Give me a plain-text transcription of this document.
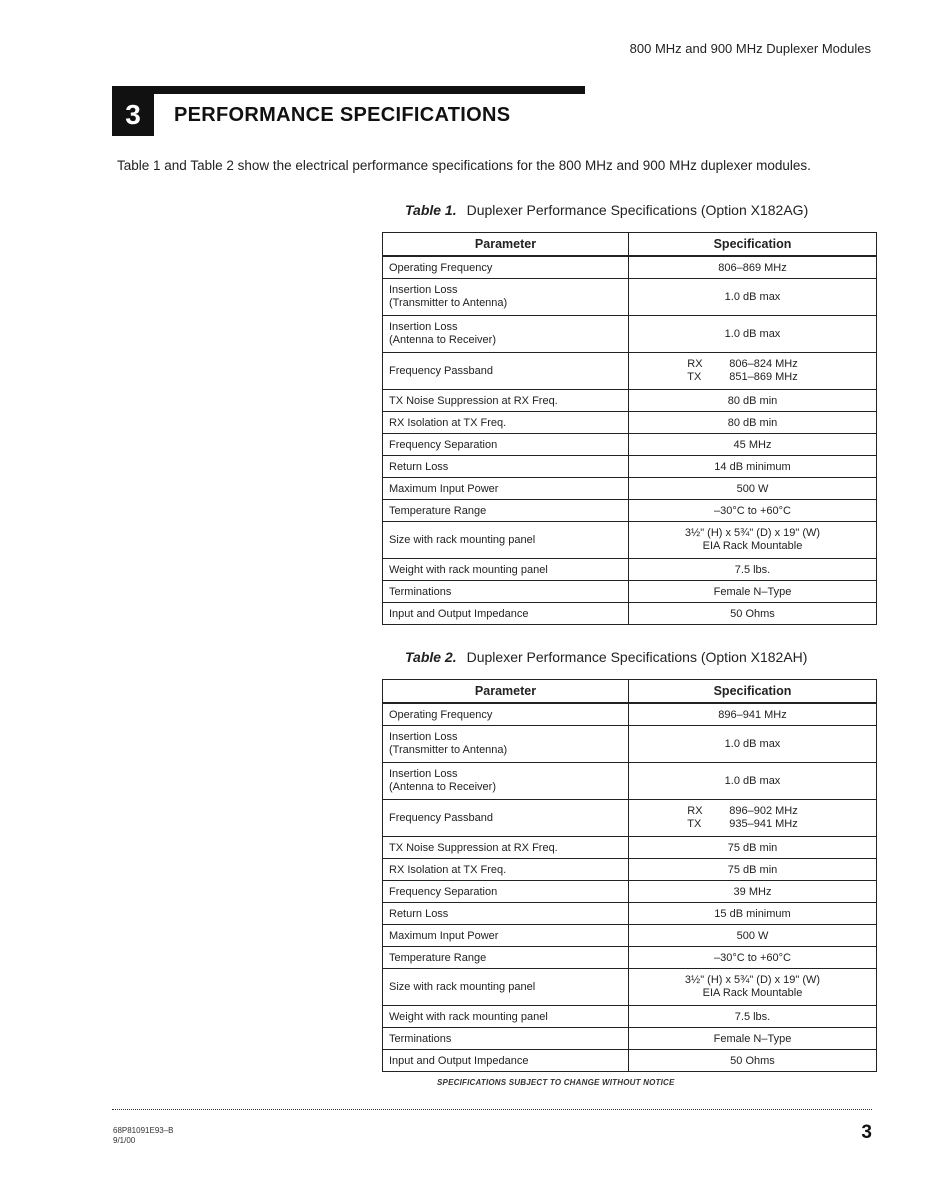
800 MHz and 900 MHz Duplexer Modules
3	PERFORMANCE SPECIFICATIONS
Table 1 and Table 2 show the electrical performance specifications for the 800 MHz and 900 MHz duplexer modules.
Table 1. Duplexer Performance Specifications (Option X182AG)
Parameter	Specification
Operating Frequency	806–869 MHz
Insertion Loss
(Transmitter to Antenna)	1.0 dB max
Insertion Loss
(Antenna to Receiver)	1.0 dB max
Frequency Passband	RX 806–824 MHz
TX 851–869 MHz
TX Noise Suppression at RX Freq.	80 dB min
RX Isolation at TX Freq.	80 dB min
Frequency Separation	45 MHz
Return Loss	14 dB minimum
Maximum Input Power	500 W
Temperature Range	–30°C to +60°C
Size with rack mounting panel	3½" (H) x 5¾" (D) x 19" (W)
EIA Rack Mountable
Weight with rack mounting panel	7.5 lbs.
Terminations	Female N–Type
Input and Output Impedance	50 Ohms
Table 2. Duplexer Performance Specifications (Option X182AH)
Parameter	Specification
Operating Frequency	896–941 MHz
Insertion Loss
(Transmitter to Antenna)	1.0 dB max
Insertion Loss
(Antenna to Receiver)	1.0 dB max
Frequency Passband	RX 896–902 MHz
TX 935–941 MHz
TX Noise Suppression at RX Freq.	75 dB min
RX Isolation at TX Freq.	75 dB min
Frequency Separation	39 MHz
Return Loss	15 dB minimum
Maximum Input Power	500 W
Temperature Range	–30°C to +60°C
Size with rack mounting panel	3½" (H) x 5¾" (D) x 19" (W)
EIA Rack Mountable
Weight with rack mounting panel	7.5 lbs.
Terminations	Female N–Type
Input and Output Impedance	50 Ohms
SPECIFICATIONS SUBJECT TO CHANGE WITHOUT NOTICE
68P81091E93–B
9/1/00	3
